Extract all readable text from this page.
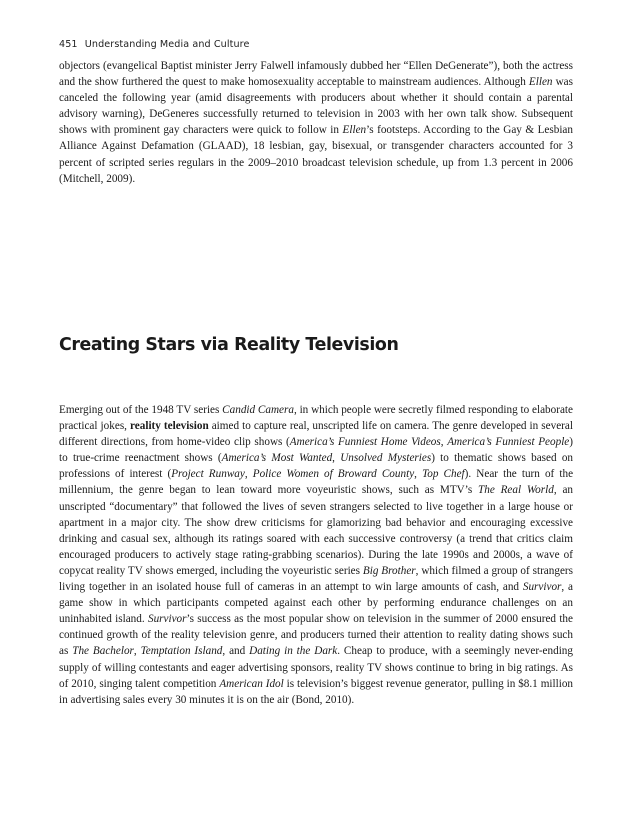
451 Understanding Media and Culture

objectors (evangelical Baptist minister Jerry Falwell infamously dubbed her “Ellen DeGenerate”), both the actress and the show furthered the quest to make homosexuality acceptable to mainstream audiences. Although Ellen was canceled the following year (amid disagreements with producers about whether it should contain a parental advisory warning), DeGeneres successfully returned to television in 2003 with her own talk show. Subsequent shows with prominent gay characters were quick to follow in Ellen’s footsteps. According to the Gay & Lesbian Alliance Against Defamation (GLAAD), 18 lesbian, gay, bisexual, or transgender characters accounted for 3 percent of scripted series regulars in the 2009–2010 broadcast television schedule, up from 1.3 percent in 2006 (Mitchell, 2009).

Creating Stars via Reality Television

Emerging out of the 1948 TV series Candid Camera, in which people were secretly filmed responding to elaborate practical jokes, reality television aimed to capture real, unscripted life on camera. The genre developed in several different directions, from home-video clip shows (America’s Funniest Home Videos, America’s Funniest People) to true-crime reenactment shows (America’s Most Wanted, Unsolved Mysteries) to thematic shows based on professions of interest (Project Runway, Police Women of Broward County, Top Chef). Near the turn of the millennium, the genre began to lean toward more voyeuristic shows, such as MTV’s The Real World, an unscripted “documentary” that followed the lives of seven strangers selected to live together in a large house or apartment in a major city. The show drew criticisms for glamorizing bad behavior and encouraging excessive drinking and casual sex, although its ratings soared with each successive controversy (a trend that critics claim encouraged producers to actively stage rating-grabbing scenarios). During the late 1990s and 2000s, a wave of copycat reality TV shows emerged, including the voyeuristic series Big Brother, which filmed a group of strangers living together in an isolated house full of cameras in an attempt to win large amounts of cash, and Survivor, a game show in which participants competed against each other by performing endurance challenges on an uninhabited island. Survivor’s success as the most popular show on television in the summer of 2000 ensured the continued growth of the reality television genre, and producers turned their attention to reality dating shows such as The Bachelor, Temptation Island, and Dating in the Dark. Cheap to produce, with a seemingly never-ending supply of willing contestants and eager advertising sponsors, reality TV shows continue to bring in big ratings. As of 2010, singing talent competition American Idol is television’s biggest revenue generator, pulling in $8.1 million in advertising sales every 30 minutes it is on the air (Bond, 2010).
